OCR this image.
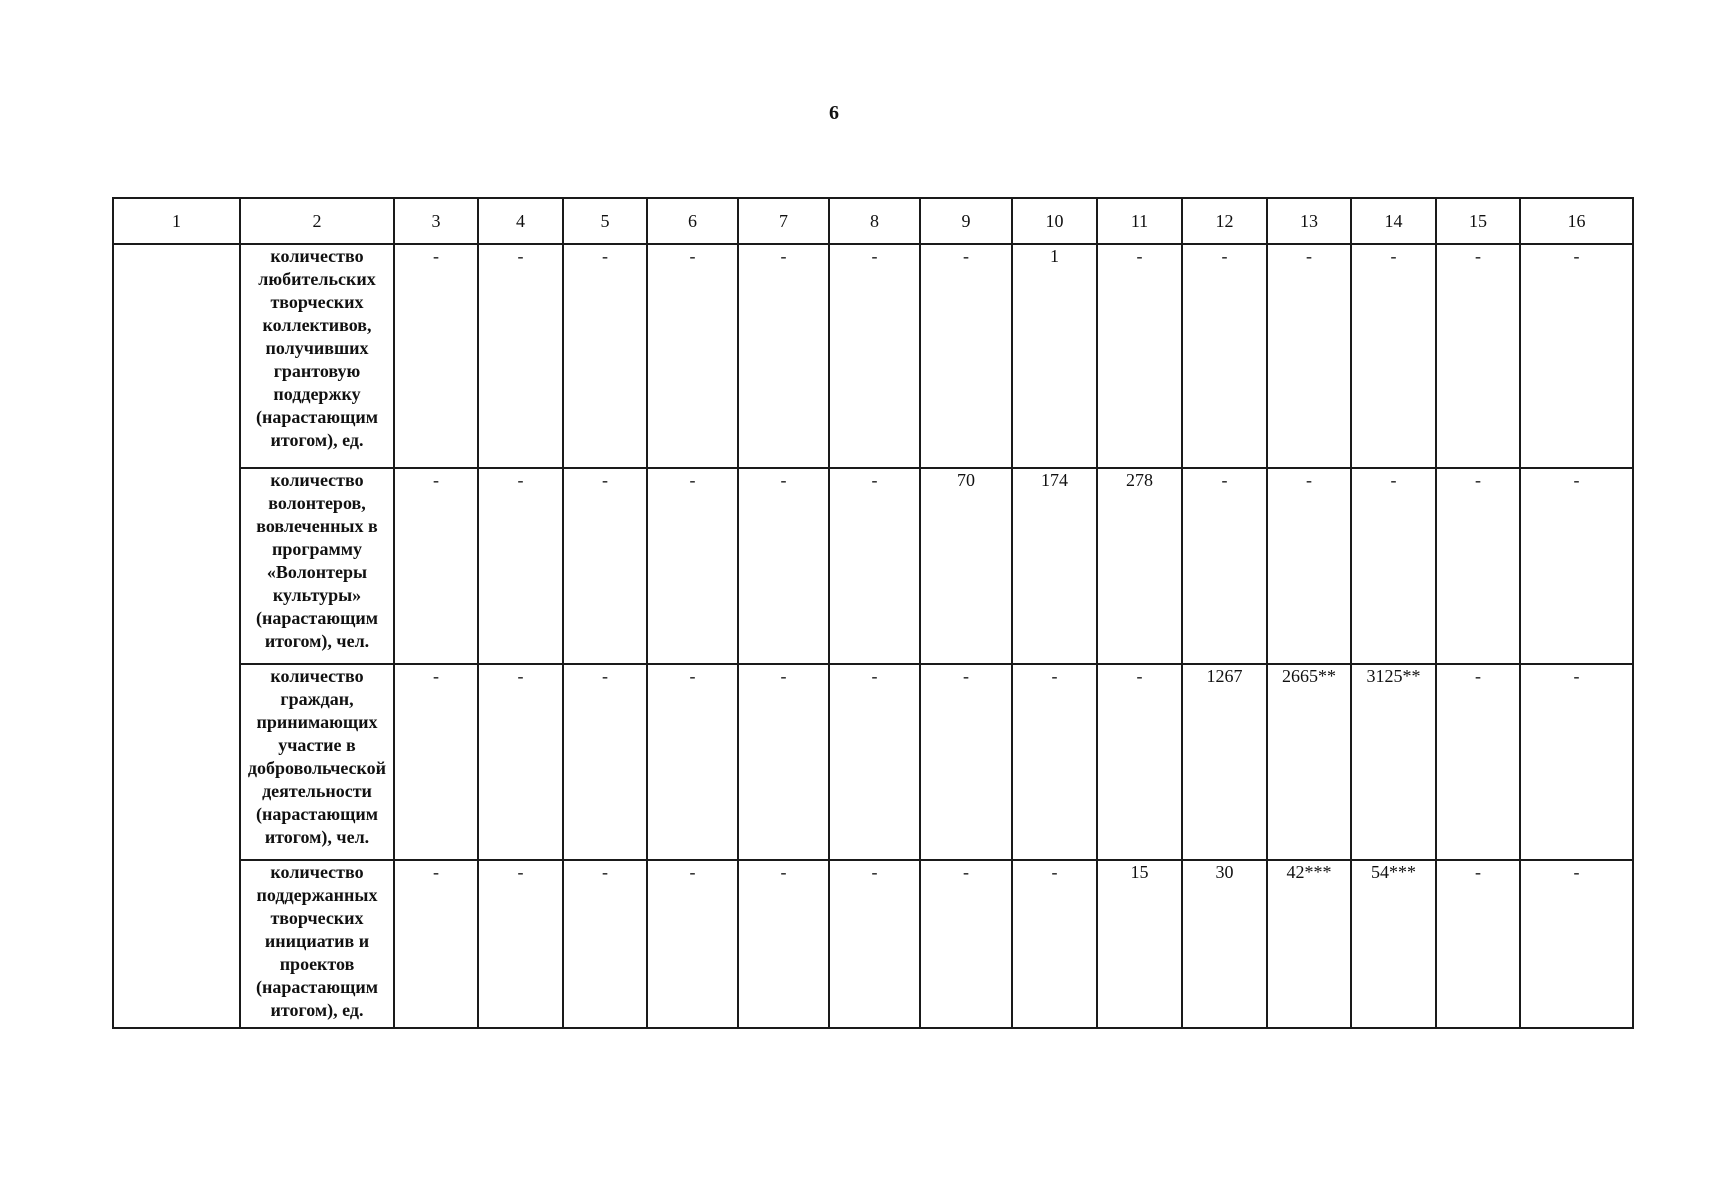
6
1	2	3	4	5	6	7	8	9	10	11	12	13	14	15	16
	количество любительских творческих коллективов, получивших грантовую поддержку (нарастающим итогом), ед.	-	-	-	-	-	-	-	1	-	-	-	-	-	-
	количество волонтеров, вовлеченных в программу «Волонтеры культуры» (нарастающим итогом), чел.	-	-	-	-	-	-	70	174	278	-	-	-	-	-
	количество граждан, принимающих участие в добровольческой деятельности (нарастающим итогом), чел.	-	-	-	-	-	-	-	-	-	1267	2665**	3125**	-	-
	количество поддержанных творческих инициатив и проектов (нарастающим итогом), ед.	-	-	-	-	-	-	-	-	15	30	42***	54***	-	-
